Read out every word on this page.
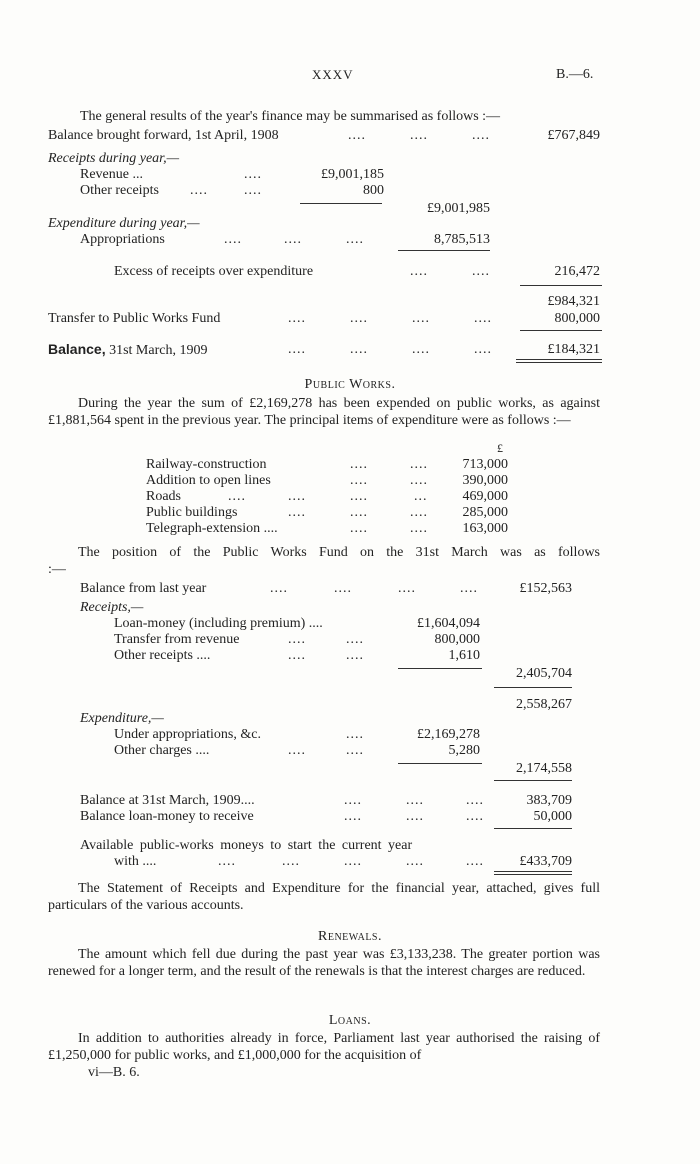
XXXV	B.—6.
The general results of the year's finance may be summarised as follows :—
Balance brought forward, 1st April, 1908	....	....	....	£767,849
Receipts during year,—
Revenue ...	....	£9,001,185
Other receipts ....	....	800
£9,001,985
Expenditure during year,—
Appropriations	....	....	....	8,785,513
Excess of receipts over expenditure	....	....	216,472
£984,321
Transfer to Public Works Fund	....	....	....	....	800,000
Balance, 31st March, 1909	....	....	....	....	£184,321
Public Works.
During the year the sum of £2,169,278 has been expended on public works, as against £1,881,564 spent in the previous year. The principal items of expenditure were as follows :—
£
Railway-construction	....	.... 713,000
Addition to open lines	....	.... 390,000
Roads	....	....	....	...	469,000
Public buildings	....	....	.... 285,000
Telegraph-extension ....	....	.... 163,000
The position of the Public Works Fund on the 31st March was as follows :—
Balance from last year	....	....	....	....	£152,563
Receipts,—
Loan-money (including premium) ....	£1,604,094
Transfer from revenue	....	....	800,000
Other receipts ....	....	....	1,610
2,405,704
2,558,267
Expenditure,—
Under appropriations, &c.	....	£2,169,278
Other charges ....	....	....	5,280
2,174,558
Balance at 31st March, 1909....	....	....	....	383,709
Balance loan-money to receive	....	....	....	50,000
Available public-works moneys to start the current year
with ....	....	....	....	....	....	£433,709
The Statement of Receipts and Expenditure for the financial year, attached, gives full particulars of the various accounts.
Renewals.
The amount which fell due during the past year was £3,133,238. The greater portion was renewed for a longer term, and the result of the renewals is that the interest charges are reduced.
Loans.
In addition to authorities already in force, Parliament last year authorised the raising of £1,250,000 for public works, and £1,000,000 for the acquisition of
vi—B. 6.
